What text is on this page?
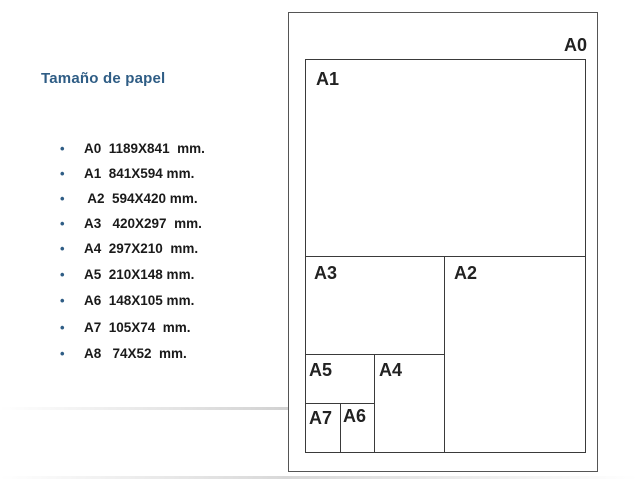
Tamaño de papel

•

A0  1189X841  mm.

•

A1  841X594 mm.

•

A2  594X420 mm.

•

A3   420X297  mm.

•

A4  297X210  mm.

•

A5  210X148 mm.

•

A6  148X105 mm.

•

A7  105X74  mm.

•

A8   74X52  mm.

A0
A1
A2
A3
A4
A5
A6
A7
